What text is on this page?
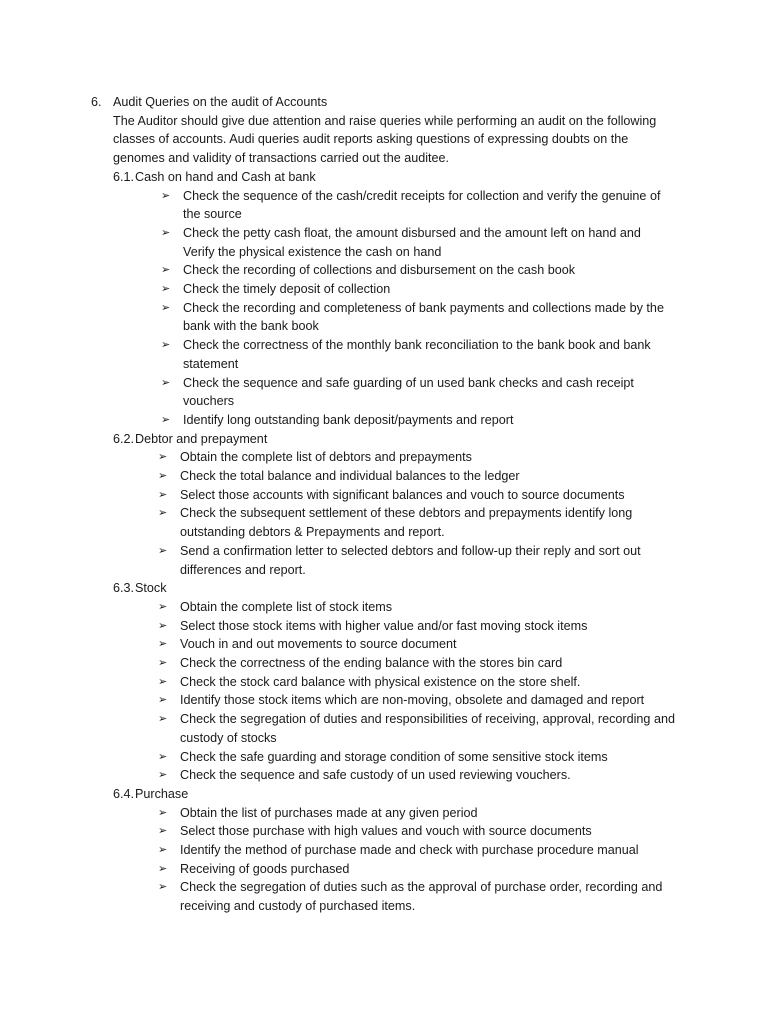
6. Audit Queries on the audit of Accounts
The Auditor should give due attention and raise queries while performing an audit on the following
classes of accounts. Audi queries audit reports asking questions of expressing doubts on the
genomes and validity of transactions carried out the auditee.
6.1. Cash on hand and Cash at bank
➢ Check the sequence of the cash/credit receipts for collection and verify the genuine of
the source
➢ Check the petty cash float, the amount disbursed and the amount left on hand and
Verify the physical existence the cash on hand
➢ Check the recording of collections and disbursement on the cash book
➢ Check the timely deposit of collection
➢ Check the recording and completeness of bank payments and collections made by the
bank with the bank book
➢ Check the correctness of the monthly bank reconciliation to the bank book and bank
statement
➢ Check the sequence and safe guarding of un used bank checks and cash receipt
vouchers
➢ Identify long outstanding bank deposit/payments and report
6.2. Debtor and prepayment
➢ Obtain the complete list of debtors and prepayments
➢ Check the total balance and individual balances to the ledger
➢ Select those accounts with significant balances and vouch to source documents
➢ Check the subsequent settlement of these debtors and prepayments identify long
outstanding debtors & Prepayments and report.
➢ Send a confirmation letter to selected debtors and follow-up their reply and sort out
differences and report.
6.3. Stock
➢ Obtain the complete list of stock items
➢ Select those stock items with higher value and/or fast moving stock items
➢ Vouch in and out movements to source document
➢ Check the correctness of the ending balance with the stores bin card
➢ Check the stock card balance with physical existence on the store shelf.
➢ Identify those stock items which are non-moving, obsolete and damaged and report
➢ Check the segregation of duties and responsibilities of receiving, approval, recording and
custody of stocks
➢ Check the safe guarding and storage condition of some sensitive stock items
➢ Check the sequence and safe custody of un used reviewing vouchers.
6.4. Purchase
➢ Obtain the list of purchases made at any given period
➢ Select those purchase with high values and vouch with source documents
➢ Identify the method of purchase made and check with purchase procedure manual
➢ Receiving of goods purchased
➢ Check the segregation of duties such as the approval of purchase order, recording and
receiving and custody of purchased items.
